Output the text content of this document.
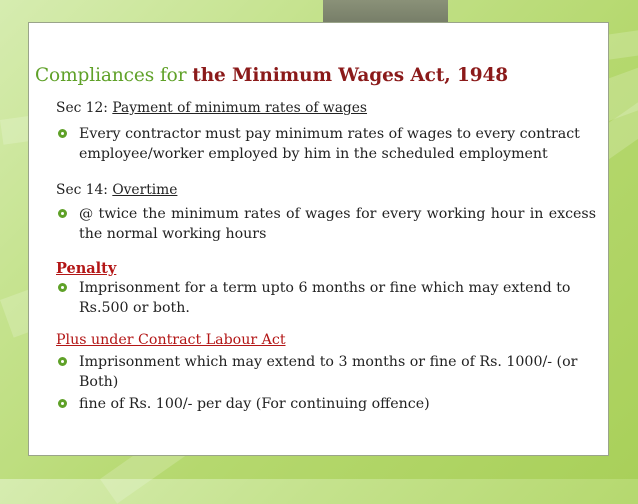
Compliances for the Minimum Wages Act, 1948
Sec 12: Payment of minimum rates of wages
Every contractor must pay minimum rates of wages to every contract employee/worker employed by him in the scheduled employment
Sec 14: Overtime
@ twice the minimum rates of wages for every working hour in excess the normal working hours
Penalty
Imprisonment for a term upto 6 months or fine which may extend to Rs.500 or both.
Plus under Contract Labour Act
Imprisonment which may extend to 3 months or fine of Rs. 1000/- (or Both)
fine of Rs. 100/- per day (For continuing offence)
